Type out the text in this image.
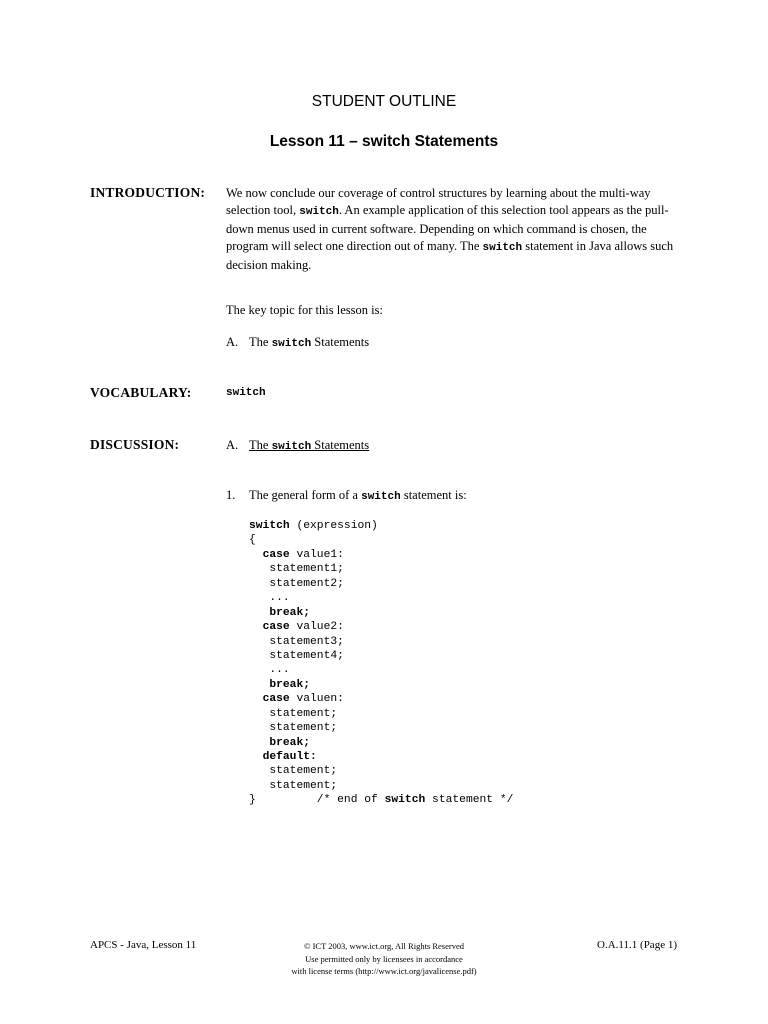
STUDENT OUTLINE
Lesson 11 – switch Statements
INTRODUCTION: We now conclude our coverage of control structures by learning about the multi-way selection tool, switch. An example application of this selection tool appears as the pull-down menus used in current software. Depending on which command is chosen, the program will select one direction out of many. The switch statement in Java allows such decision making.
The key topic for this lesson is:
A. The switch Statements
VOCABULARY:	switch
DISCUSSION:	A. The switch Statements
1. The general form of a switch statement is:
switch (expression)
{
case value1:
statement1;
statement2;
...
break;
case value2:
statement3;
statement4;
...
break;
case valuen:
statement;
statement;
break;
default:
statement;
statement;
}         /* end of switch statement */
APCS - Java, Lesson 11	© ICT 2003, www.ict.org, All Rights Reserved
Use permitted only by licensees in accordance
with license terms (http://www.ict.org/javalicense.pdf)
O.A.11.1 (Page 1)
